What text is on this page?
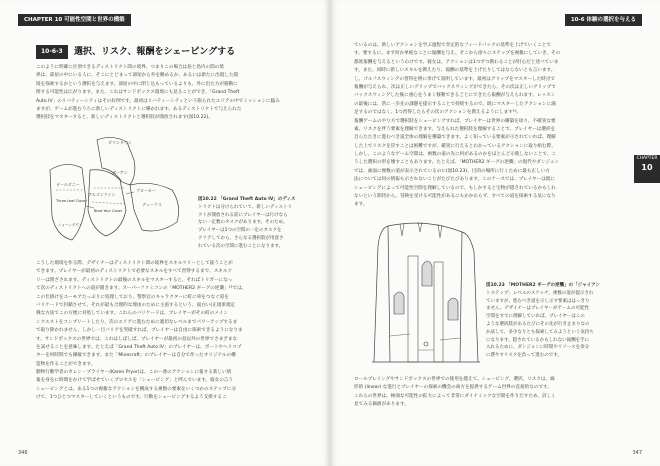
CHAPTER 10 可能性空間と世界の構築
10-6-3	選択、リスク、報酬をシェーピングする
このように明確に区別できるディストリクト間の境界、つまりこの場合は島と島内の間の境
界は、部屋の中にいる人に、そこにとどまって部屋から外を眺めるか、あるいは新たに出現した環
境を探索するかという選択を与えます。部屋の中に閉じ込もっているよりも、外に出た方が移動に
関する可能性は広がります。また、これはサンドボックス環境にも見ることができ、「Grand Theft
Auto IV」のリバティーシティはその好例です。最初はリバティーシティという限られたエリアの中でミッションに臨み
ますが、ゲームが進むうちに新しいディストリクトに導かれます。あるディストリクトで与えられた
選択肢をマスターすると、新しいディストリクトと選択肢が開放されます(図10.22)。
ダウンタウン
ボーアン
アルゴンクイン
オールダニー
デュークス
ブローカー
Three Leaf Clover
Blow Your Cover
ショーンダウン
図10.22 「Grand Theft Auto IV」のディス
トリクトは分けられていて、新しいディストリ
クトが開放される前にプレイヤーは行けなら
ない一定数のタスクがあります。そのため、
プレイヤーは1つの空間の一定のタスクを
クリアしてから、さらなる選択肢が用意さ
れている次の空間に進むことになります。
こうした環境を作る際、デザイナーはディストリクト間の境界をスキルツリーとして扱うことが
できます。プレイヤーが最初のディストリクトで必要なスキルをすべて習得するまで、スキルツ
リーは閉ざされます。ディストリクトの最後のスキルをマスターすると、そればトリガーになっ
て次のディストリクトへの道が開きます。スーパーファミコンの「MOTHER2 ギーグの逆襲」¹⁵では、
この仕掛けをユーモアたっぷりに処理しており、警察官のキャラクターに町に車をつなぐ道を
バリケードで封鎖させて、それが最も合理的な理由のために主張するという、面白い(正規軍規定
戦な方法でこの方便に対処しています。これらのバリケードは、プレイヤーがその町のメイン
ンクエストをコンプリートしたり、次のエリアに進むために適切なレベルまでパワーアップするま
で取り除かれません。しかし一旦バリアを突破すれば、プレイヤーは自由に探索できるようになりま
す。サンドボックスの世界では、これはしばしば、プレイヤーが最初の島以外の世界でさまざまな
を試せることを意味します。たとえば「Grand Theft Auto IV」のプレイヤーは、ボートやヘリコプ
ターを何時間でも操縦できます。また「Minecraft」のプレイヤーは自分で作ったオリジナルの構
造物を作ることができます。
動物行動学者のカレン・プライヤー(Karen Pryor)は、このー連のアクションに報する新しい情
報を身をに時間をかけて学ばせていくプロセスを「シェーピング」と呼んでいます。彼女の言う
シェーピングとは、ある1つの複雑なアクションを構成する複数の要素をいくつかのステップに分
けて、1つひとつマスターしていくというものです。行動をシェーピングするよう支援するこ
346
10-6 体験の選択を与える
ているのは、新しいアクションを学ぶ過程で肯定的なフィードバックの基準を上げていくことで
す。要するに、まず何か単純なことに報酬を与え、そこから徐々にステップを複雑にしていき、その
都度報酬を与えるというわけです。彼女は、アクションは1つずつ教わることが肝心だと述べていま
す。また、同時に新しいスキルを教えたり、報酬の基準を上げたりしてはならないとも言います。
し、ゴルフスウィングの習得を例に挙げて説明しています。最初はグリップをマスターした時点で
報酬が与えられ、次は正しいグリップでバックスウィングができたら、その次は正しいグリップで
バックスウィングした後に重心をうまく移動できるごとにできたら報酬が与えられます。レッスン
の最後には、常に一歩先の課題を提示することで持続するので、既にマスターしたアクションに満
足するのではなく、1つ習得したらその次のアクションを教えるようにします¹⁶。
報酬ゲームのやり方で選択肢をシェーピングすれば、プレイヤーは世界の構築を徐々、不確実な要
素、リスクを伴う要素を理解できます。与えられた選択肢を理解することで、プレイヤーは選択を
自らたたきに進むべき道全体の理解を構築できます。よく知っている要素が示されていれば、理解
した上でリスクを冒すことは困難ですが、確実に行えるとわかっているアクションに取り組む際、
しかし、このようなゲーム空間は、複数の道の先に何があるのかをほとんど示唆しないことで、こ
うした選択の形を壊すこともあります。たとえば、「MOTHER2 ギーグの逆襲」の現代やダンジョン
では、画面に複数の道が表示されているのに(図10.23)、目的の場所に行くために最も正しい方
法については何の情報も示されないことがたびたびあります。このケースでは、プレイヤーは既に
シェーピングによって可能性空間を理解しているので、もしかすると宝物が隠されているかもしれ
ないという期待から、冒険を受ける可能性があるにもかかわらず、すべての道を探索する気になり
ます。
CHAPTER
10
図10.23 「MOTHER2 ギーグの逆襲」の「ジャイアン
トステップ」レベルのスケッチ。複数の道が提示され
ていますが、進むべき道を示し示す要素ははっきり
ません。デザイナーはプレイヤーがゲームの可能性
空間をすでに理解していれば、プレイヤーはこの
ような選択肢があるたびにその先が行き止まりなの
か試して、多少なりとも探索してみようという気持ち
になります。隠されているかもしれない報酬を手に
入れるために、ダンジョンに時間やリソースを余分
に費やすリスクを負って進むのです。
ロールプレイングやサンドボックスの世界での使用を越えて、シェーピング、選択、リスクは、線
形的 (linear) な進行とプレイヤーの探索の機会の両方を提供するゲーム世界の直接的なのです。
これらの世界は、極端な可能性の拡大によって非常にダイナミックな空間を作りだすため、詳しく
見てみる価値があります。
347
